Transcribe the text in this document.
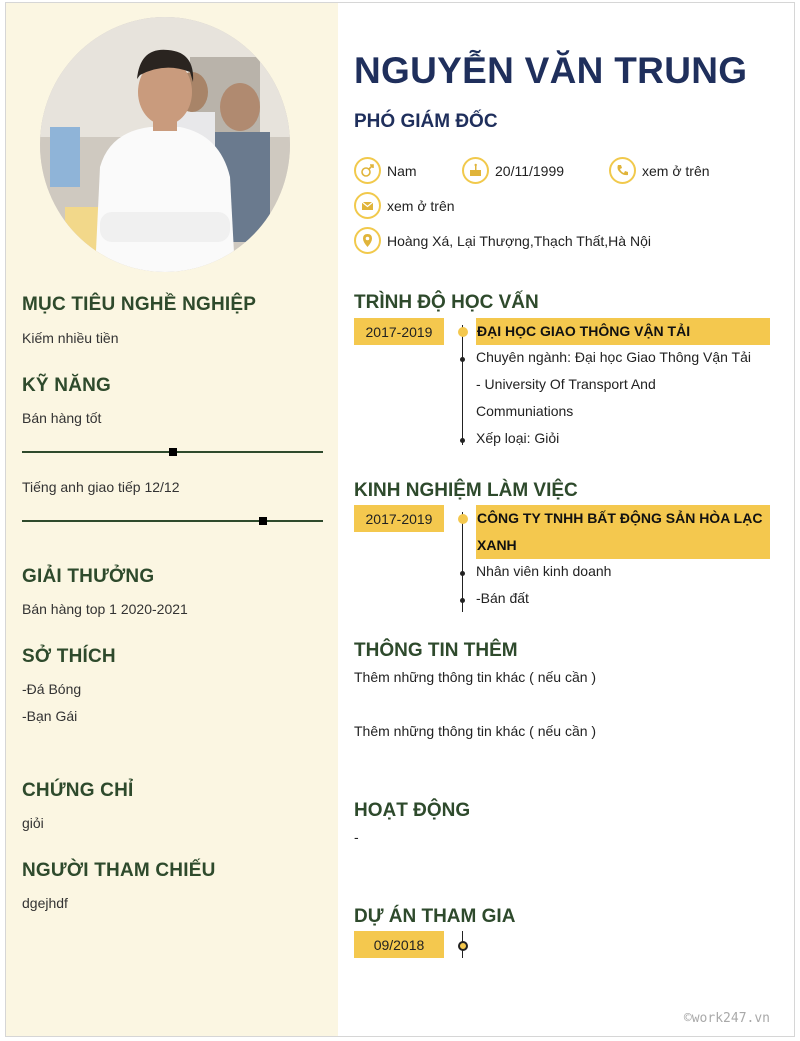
MỤC TIÊU NGHỀ NGHIỆP
Kiếm nhiều tiền
KỸ NĂNG
Bán hàng tốt
Tiếng anh giao tiếp 12/12
GIẢI THƯỞNG
Bán hàng top 1 2020-2021
SỞ THÍCH
-Đá Bóng
-Bạn Gái
CHỨNG CHỈ
giỏi
NGƯỜI THAM CHIẾU
dgejhdf
NGUYỄN VĂN TRUNG
PHÓ GIÁM ĐỐC
Nam	20/11/1999	xem ở trên
xem ở trên
Hoàng Xá, Lại Thượng,Thạch Thất,Hà Nội
TRÌNH ĐỘ HỌC VẤN
2017-2019	ĐẠI HỌC GIAO THÔNG VẬN TẢI
Chuyên ngành: Đại học Giao Thông Vận Tải
- University Of Transport And
Communiations
Xếp loại: Giỏi
KINH NGHIỆM LÀM VIỆC
2017-2019	CÔNG TY TNHH BẤT ĐỘNG SẢN HÒA LẠC
XANH
Nhân viên kinh doanh
-Bán đất
THÔNG TIN THÊM
Thêm những thông tin khác ( nếu cần )
Thêm những thông tin khác ( nếu cần )
HOẠT ĐỘNG
-
DỰ ÁN THAM GIA
09/2018
©work247.vn
